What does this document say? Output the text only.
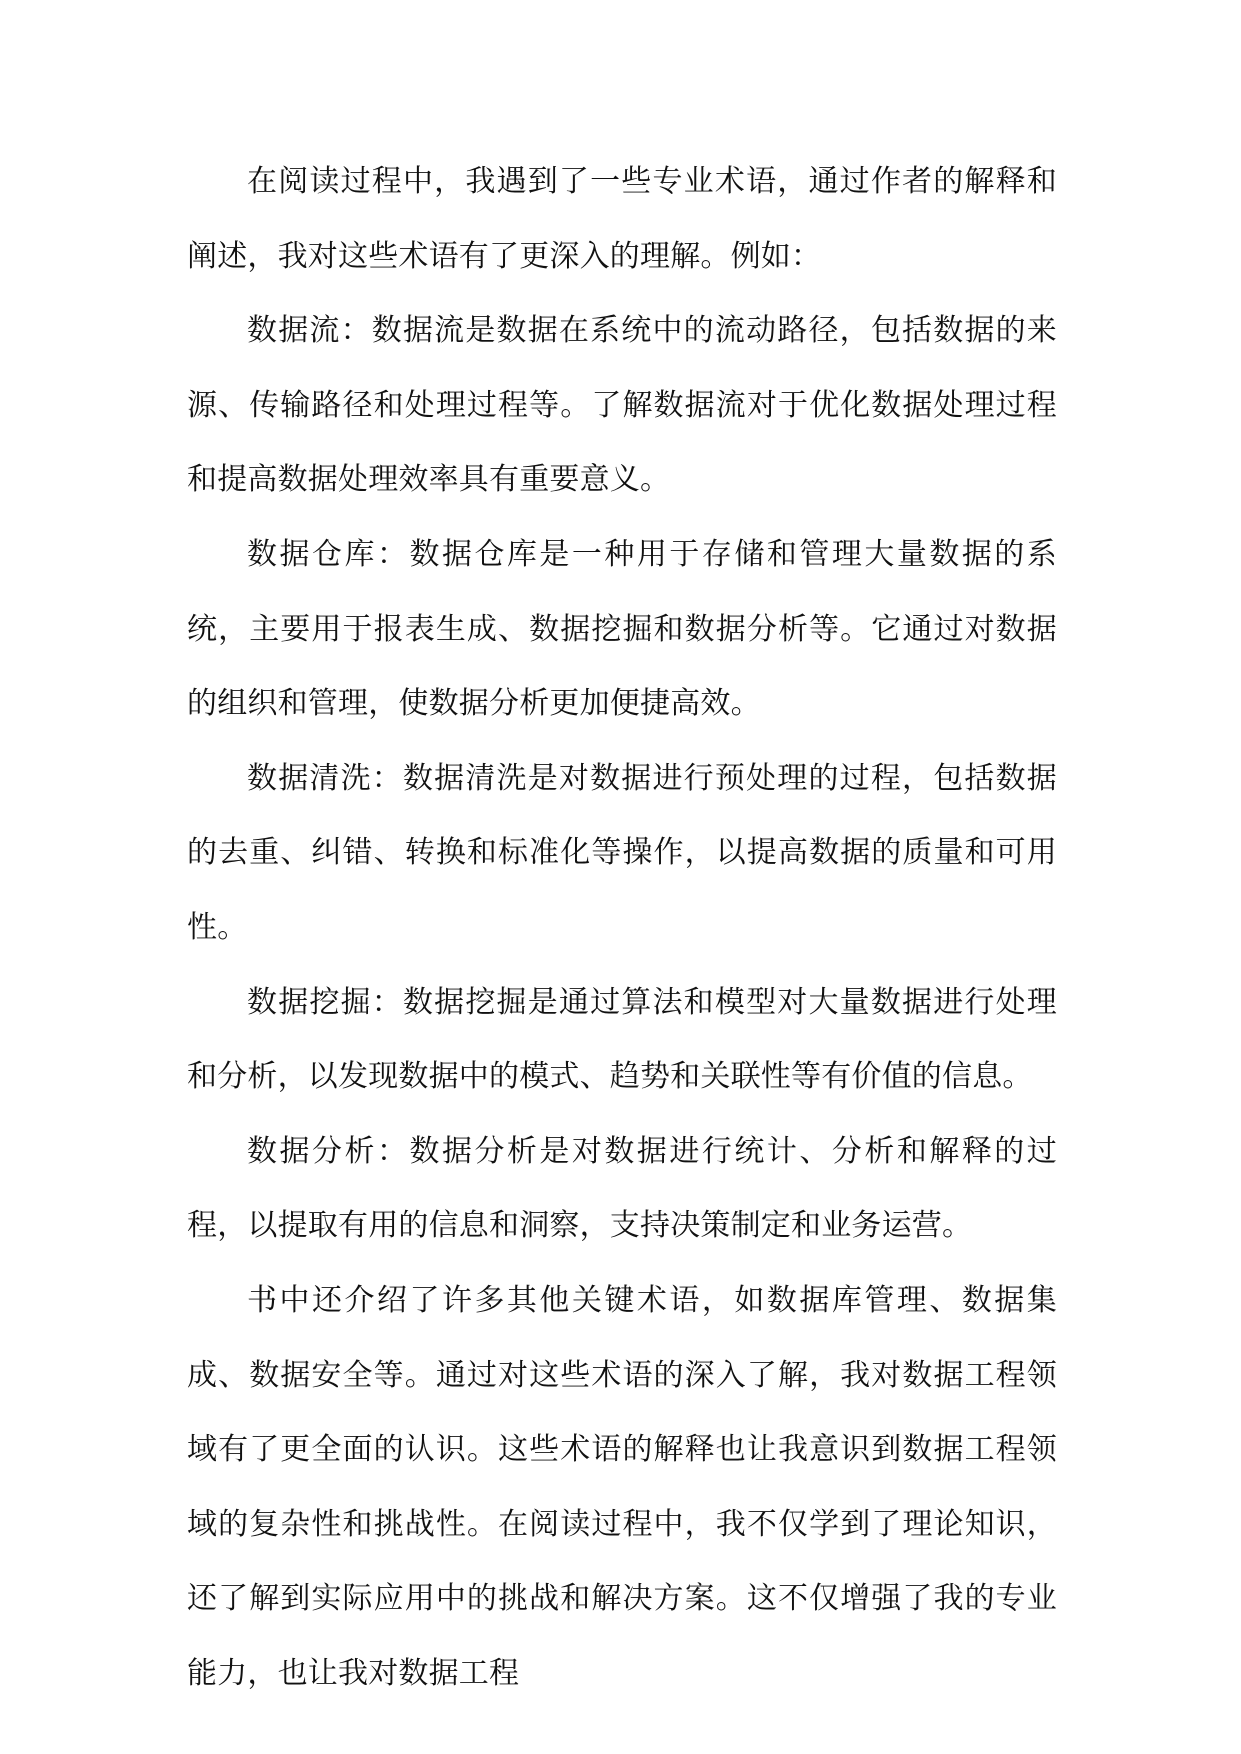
在阅读过程中，我遇到了一些专业术语，通过作者的解释和阐述，我对这些术语有了更深入的理解。例如：

数据流：数据流是数据在系统中的流动路径，包括数据的来源、传输路径和处理过程等。了解数据流对于优化数据处理过程和提高数据处理效率具有重要意义。

数据仓库：数据仓库是一种用于存储和管理大量数据的系统，主要用于报表生成、数据挖掘和数据分析等。它通过对数据的组织和管理，使数据分析更加便捷高效。

数据清洗：数据清洗是对数据进行预处理的过程，包括数据的去重、纠错、转换和标准化等操作，以提高数据的质量和可用性。

数据挖掘：数据挖掘是通过算法和模型对大量数据进行处理和分析，以发现数据中的模式、趋势和关联性等有价值的信息。

数据分析：数据分析是对数据进行统计、分析和解释的过程，以提取有用的信息和洞察，支持决策制定和业务运营。

书中还介绍了许多其他关键术语，如数据库管理、数据集成、数据安全等。通过对这些术语的深入了解，我对数据工程领域有了更全面的认识。这些术语的解释也让我意识到数据工程领域的复杂性和挑战性。在阅读过程中，我不仅学到了理论知识，还了解到实际应用中的挑战和解决方案。这不仅增强了我的专业能力，也让我对数据工程
